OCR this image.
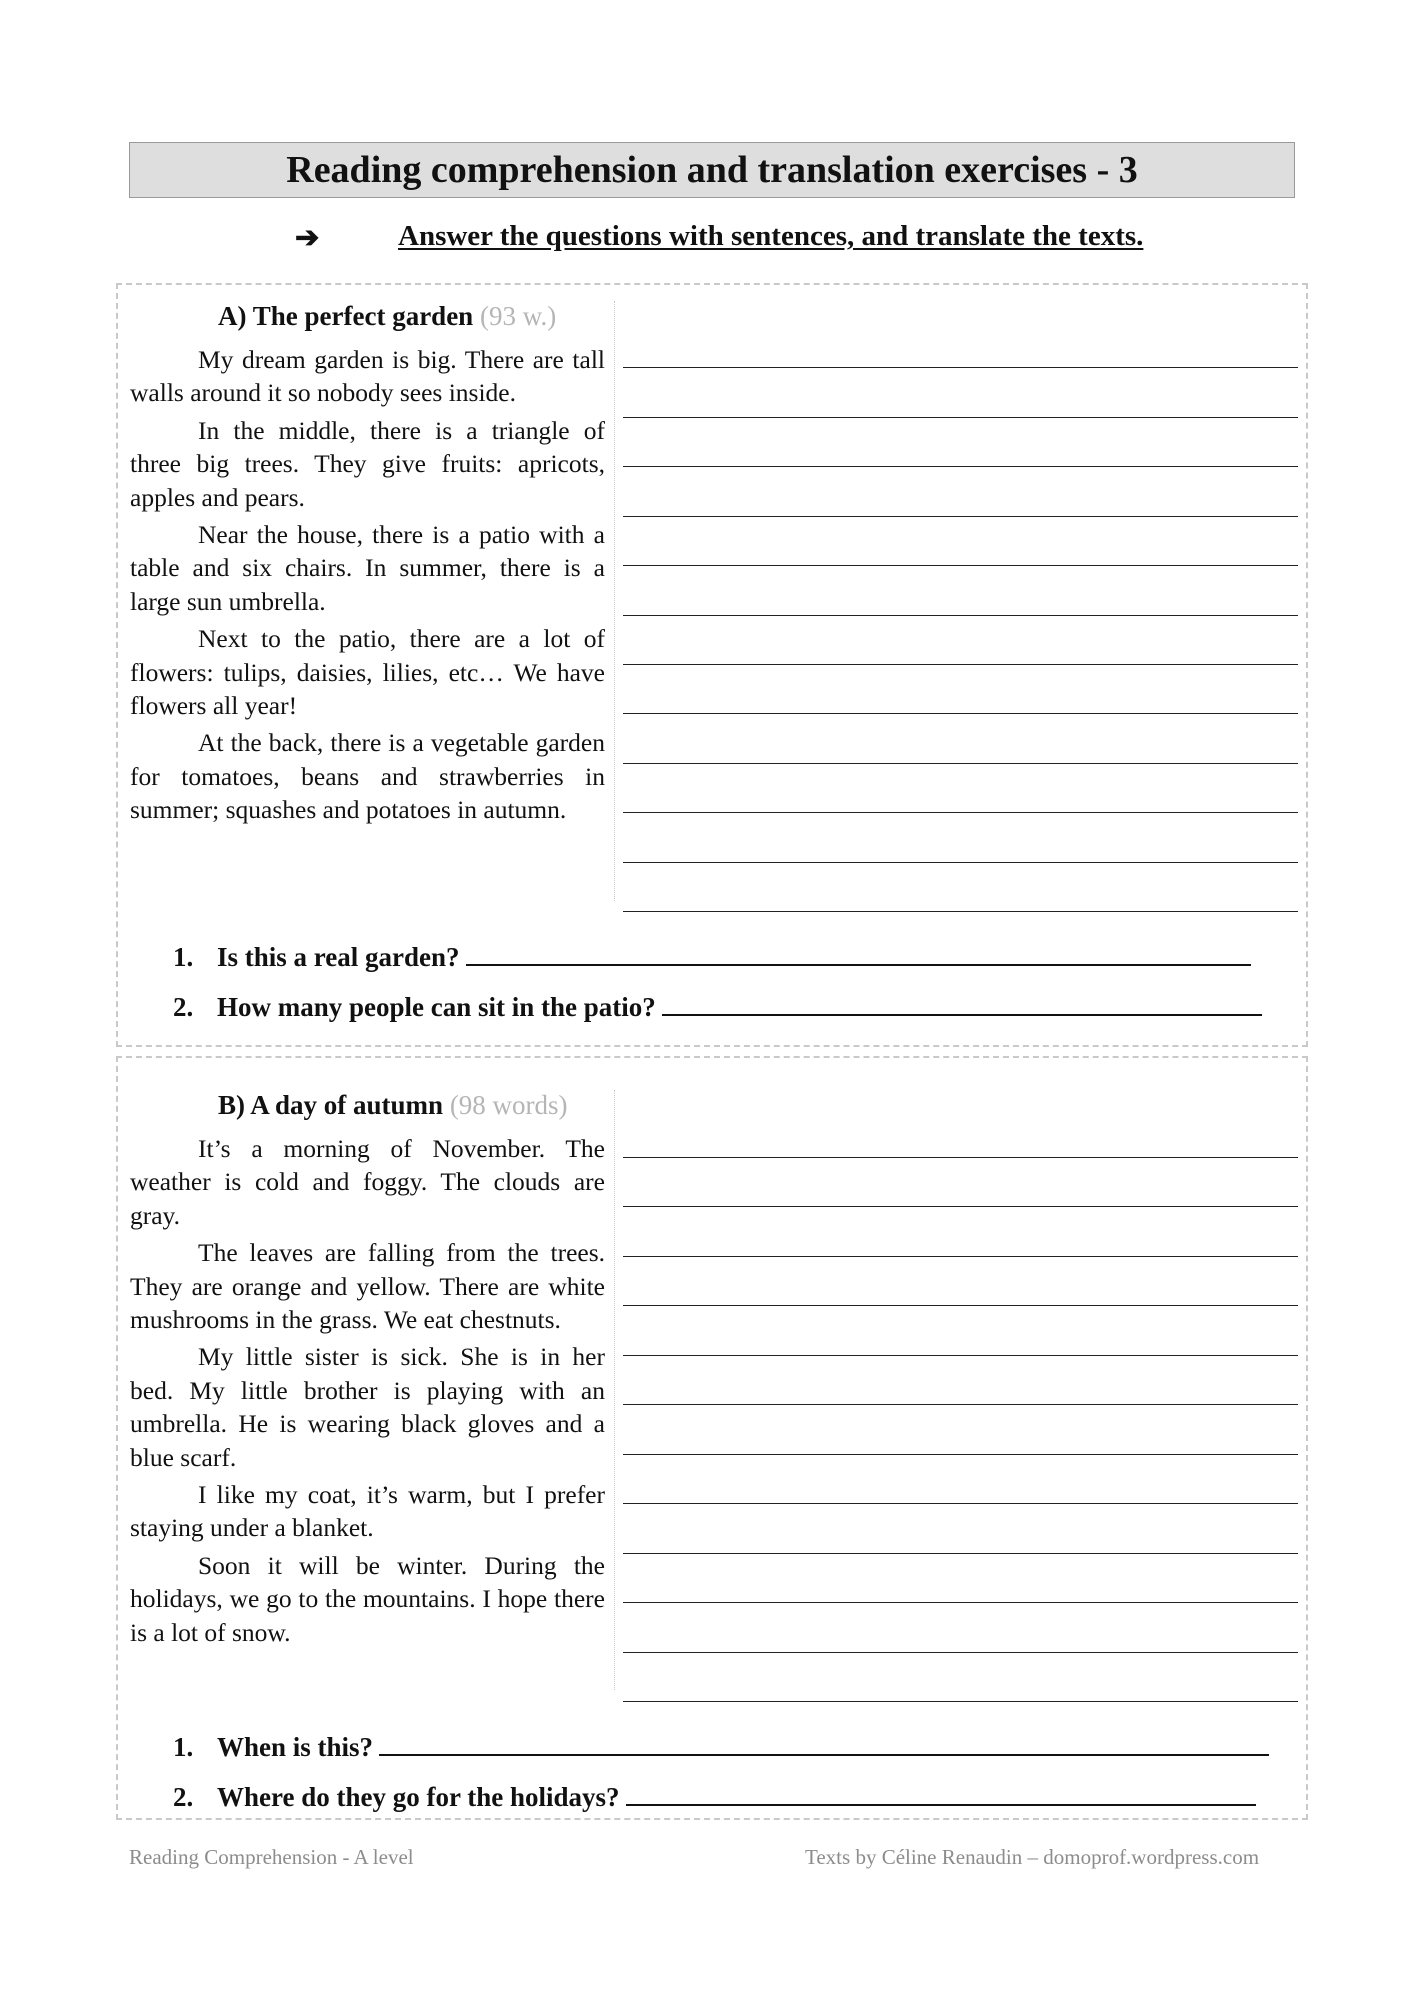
Reading comprehension and translation exercises - 3
➔	Answer the questions with sentences, and translate the texts.
A) The perfect garden (93 w.)

My dream garden is big. There are tall walls around it so nobody sees inside.

In the middle, there is a triangle of three big trees. They give fruits: apricots, apples and pears.

Near the house, there is a patio with a table and six chairs. In summer, there is a large sun umbrella.

Next to the patio, there are a lot of flowers: tulips, daisies, lilies, etc… We have flowers all year!

At the back, there is a vegetable garden for tomatoes, beans and strawberries in summer; squashes and potatoes in autumn.

1. Is this a real garden?
2. How many people can sit in the patio?
B) A day of autumn (98 words)

It’s a morning of November. The weather is cold and foggy. The clouds are gray.

The leaves are falling from the trees. They are orange and yellow. There are white mushrooms in the grass. We eat chestnuts.

My little sister is sick. She is in her bed. My little brother is playing with an umbrella. He is wearing black gloves and a blue scarf.

I like my coat, it’s warm, but I prefer staying under a blanket.

Soon it will be winter. During the holidays, we go to the mountains. I hope there is a lot of snow.

1. When is this?
2. Where do they go for the holidays?
Reading Comprehension - A level	Texts by Céline Renaudin – domoprof.wordpress.com
